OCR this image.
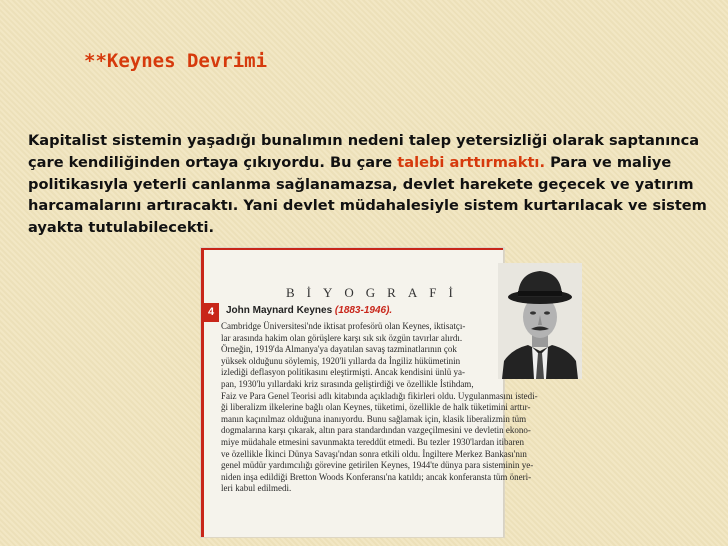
**Keynes Devrimi
Kapitalist sistemin yaşadığı bunalımın nedeni talep yetersizliği olarak saptanınca çare kendiliğinden ortaya çıkıyordu. Bu çare talebi arttırmaktı. Para ve maliye politikasıyla yeterli canlanma sağlanamazsa, devlet harekete geçecek ve yatırım harcamalarını artıracaktı. Yani devlet müdahalesiyle sistem kurtarılacak ve sistem ayakta tutulabilecekti.
BİYOGRAFİ
4	John Maynard Keynes (1883-1946).
Cambridge Üniversitesi'nde iktisat profesörü olan Keynes, iktisatçı-
lar arasında hakim olan görüşlere karşı sık sık özgün tavırlar alırdı.
Örneğin, 1919'da Almanya'ya dayatılan savaş tazminatlarının çok
yüksek olduğunu söylemiş, 1920'li yıllarda da İngiliz hükümetinin
izlediği deflasyon politikasını eleştirmişti. Ancak kendisini ünlü ya-
pan, 1930'lu yıllardaki kriz sırasında geliştirdiği ve özellikle İstihdam,
Faiz ve Para Genel Teorisi adlı kitabında açıkladığı fikirleri oldu. Uygulanmasını istedi-
ği liberalizm ilkelerine bağlı olan Keynes, tüketimi, özellikle de halk tüketimini arttır-
manın kaçınılmaz olduğuna inanıyordu. Bunu sağlamak için, klasik liberalizmin tüm
dogmalarına karşı çıkarak, altın para standardından vazgeçilmesini ve devletin ekono-
miye müdahale etmesini savunmakta tereddüt etmedi. Bu tezler 1930'lardan itibaren
ve özellikle İkinci Dünya Savaşı'ndan sonra etkili oldu. İngiltere Merkez Bankası'nın
genel müdür yardımcılığı görevine getirilen Keynes, 1944'te dünya para sisteminin ye-
niden inşa edildiği Bretton Woods Konferansı'na katıldı; ancak konferansta tüm öneri-
leri kabul edilmedi.
